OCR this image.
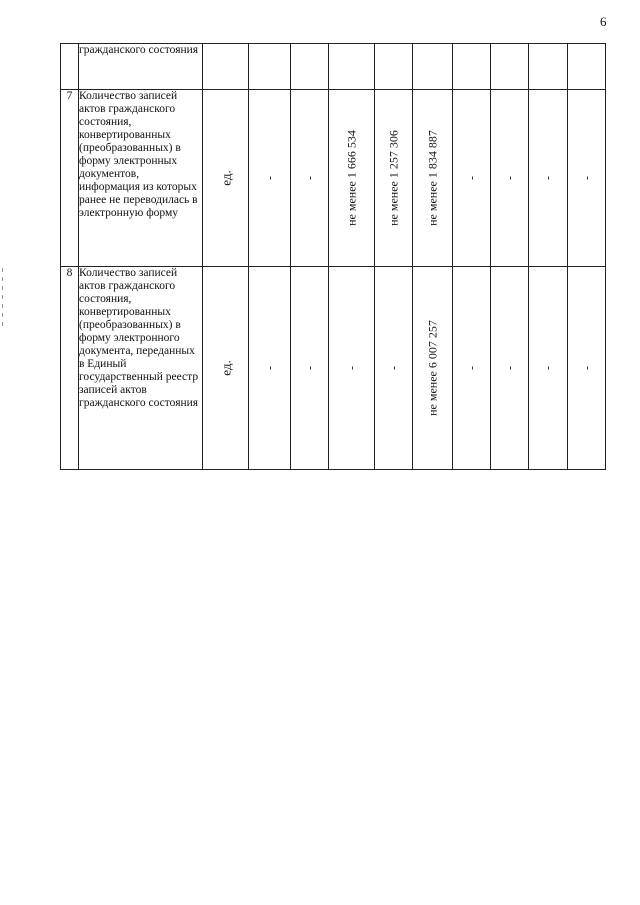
6
	гражданского состояния										
7	Количество записей актов гражданского состояния, конвертированных (преобразованных) в форму электронных документов, информация из которых ранее не переводилась в электронную форму	ед.	-	-	не менее 1 666 534	не менее 1 257 306	не менее 1 834 887	-	-	-	-

8	Количество записей актов гражданского состояния, конвертированных (преобразованных) в форму электронного документа, переданных в Единый государственный реестр записей актов гражданского состояния	ед.	-	-	-	-	не менее 6 007 257	-	-	-	-
